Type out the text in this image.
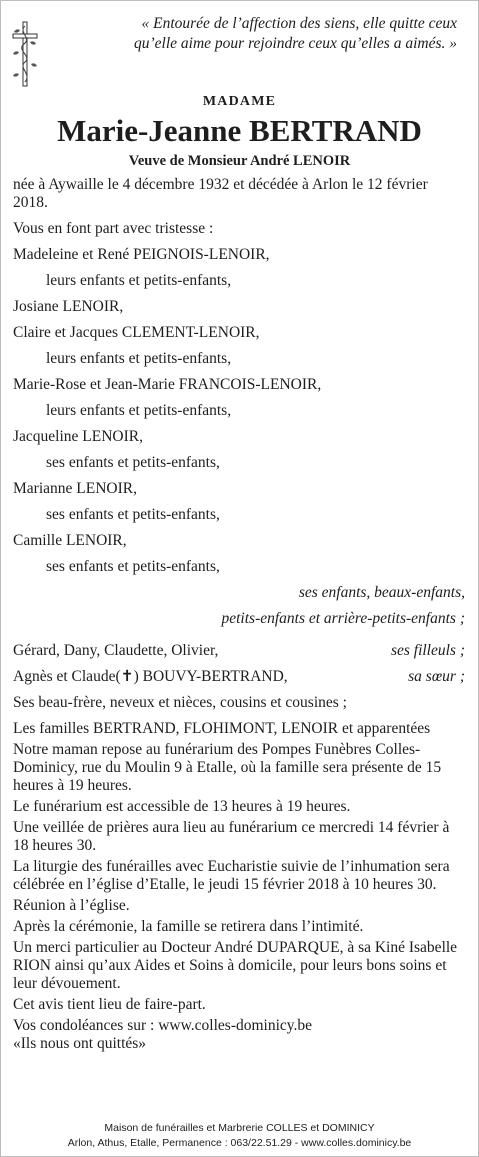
« Entourée de l’affection des siens, elle quitte ceux
qu’elle aime pour rejoindre ceux qu’elles a aimés. »
MADAME
Marie-Jeanne BERTRAND
Veuve de Monsieur André LENOIR

née à Aywaille le 4 décembre 1932 et décédée à Arlon le 12 février 2018.

Vous en font part avec tristesse :

Madeleine et René PEIGNOIS-LENOIR,

leurs enfants et petits-enfants,

Josiane LENOIR,

Claire et Jacques CLEMENT-LENOIR,

leurs enfants et petits-enfants,

Marie-Rose et Jean-Marie FRANCOIS-LENOIR,

leurs enfants et petits-enfants,

Jacqueline LENOIR,

ses enfants et petits-enfants,

Marianne LENOIR,

ses enfants et petits-enfants,

Camille LENOIR,

ses enfants et petits-enfants,

ses enfants, beaux-enfants,

petits-enfants et arrière-petits-enfants ;

Gérard, Dany, Claudette, Olivier,	ses filleuls ;
Agnès et Claude(✝) BOUVY-BERTRAND,	sa sœur ;

Ses beau-frère, neveux et nièces, cousins et cousines ;

Les familles BERTRAND, FLOHIMONT, LENOIR et apparentées

Notre maman repose au funérarium des Pompes Funèbres Colles-Dominicy, rue du Moulin 9 à Etalle, où la famille sera présente de 15 heures à 19 heures.

Le funérarium est accessible de 13 heures à 19 heures.

Une veillée de prières aura lieu au funérarium ce mercredi 14 février à 18 heures 30.

La liturgie des funérailles avec Eucharistie suivie de l’inhumation sera célébrée en l’église d’Etalle, le jeudi 15 février 2018 à 10 heures 30.

Réunion à l’église.

Après la cérémonie, la famille se retirera dans l’intimité.

Un merci particulier au Docteur André DUPARQUE, à sa Kiné Isabelle RION ainsi qu’aux Aides et Soins à domicile, pour leurs bons soins et leur dévouement.

Cet avis tient lieu de faire-part.

Vos condoléances sur : www.colles-dominicy.be

«Ils nous ont quittés»

Maison de funérailles et Marbrerie COLLES et DOMINICY
Arlon, Athus, Etalle, Permanence : 063/22.51.29 - www.colles.dominicy.be
